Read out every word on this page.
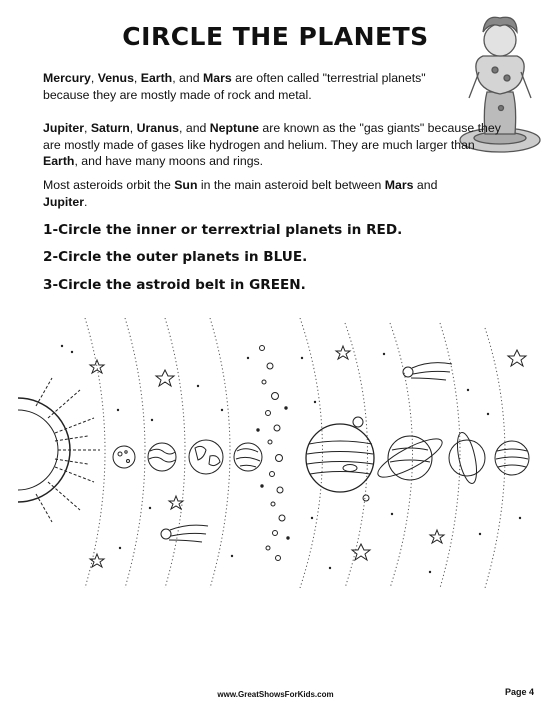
CIRCLE THE PLANETS
Mercury, Venus, Earth, and Mars are often called "terrestrial planets" because they are mostly made of rock and metal.
Jupiter, Saturn, Uranus, and Neptune are known as the "gas giants" because they are mostly made of gases like hydrogen and helium. They are much larger than Earth, and have many moons and rings.
Most asteroids orbit the Sun in the main asteroid belt between Mars and Jupiter.
1-Circle the inner or terrextrial planets in RED.
2-Circle the outer planets in BLUE.
3-Circle the astroid belt in GREEN.
www.GreatShowsForKids.com	Page 4
